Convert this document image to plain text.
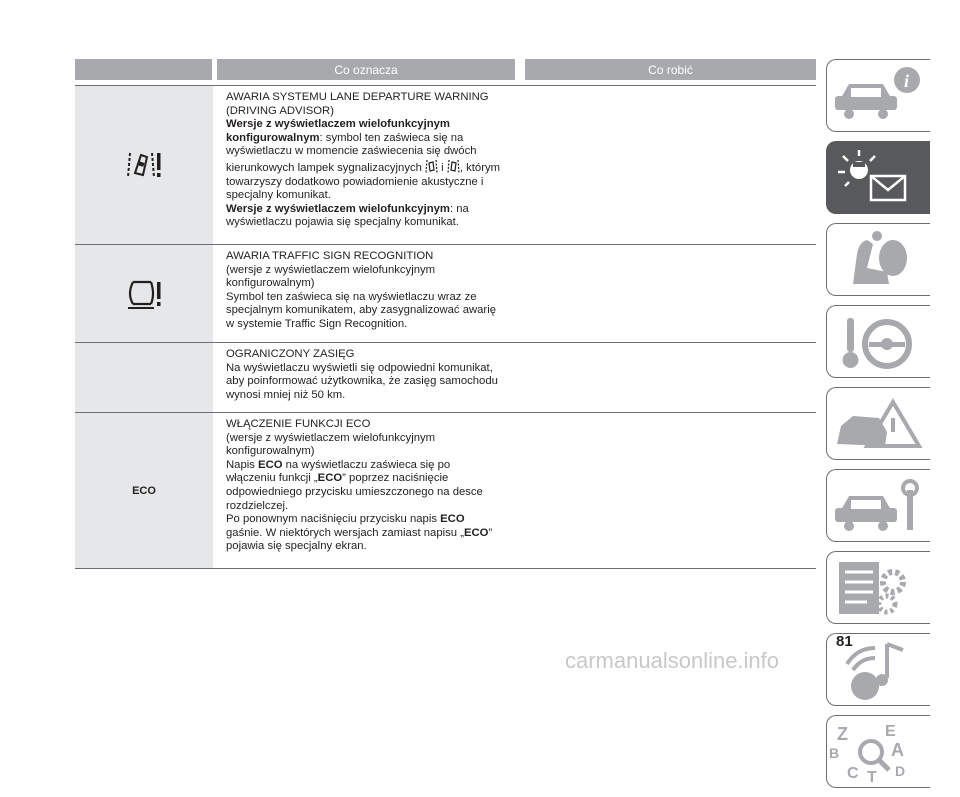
Co oznacza	Co robić

AWARIA SYSTEMU LANE DEPARTURE WARNING

(DRIVING ADVISOR)

Wersje z wyświetlaczem wielofunkcyjnym

konfigurowalnym: symbol ten zaświeca się na

wyświetlaczu w momencie zaświecenia się dwóch

kierunkowych lampek sygnalizacyjnych  i , którym

towarzyszy dodatkowo powiadomienie akustyczne i

specjalny komunikat.

Wersje z wyświetlaczem wielofunkcyjnym: na

wyświetlaczu pojawia się specjalny komunikat.

AWARIA TRAFFIC SIGN RECOGNITION

(wersje z wyświetlaczem wielofunkcyjnym

konfigurowalnym)

Symbol ten zaświeca się na wyświetlaczu wraz ze

specjalnym komunikatem, aby zasygnalizować awarię

w systemie Traffic Sign Recognition.

OGRANICZONY ZASIĘG

Na wyświetlaczu wyświetli się odpowiedni komunikat,

aby poinformować użytkownika, że zasięg samochodu

wynosi mniej niż 50 km.

ECO

WŁĄCZENIE FUNKCJI ECO

(wersje z wyświetlaczem wielofunkcyjnym

konfigurowalnym)

Napis ECO na wyświetlaczu zaświeca się po

włączeniu funkcji „ECO” poprzez naciśnięcie

odpowiedniego przycisku umieszczonego na desce

rozdzielczej.

Po ponownym naciśnięciu przycisku napis ECO

gaśnie. W niektórych wersjach zamiast napisu „ECO”

pojawia się specjalny ekran.

i
Z E
B	A
C T D
81
carmanualsonline.info
